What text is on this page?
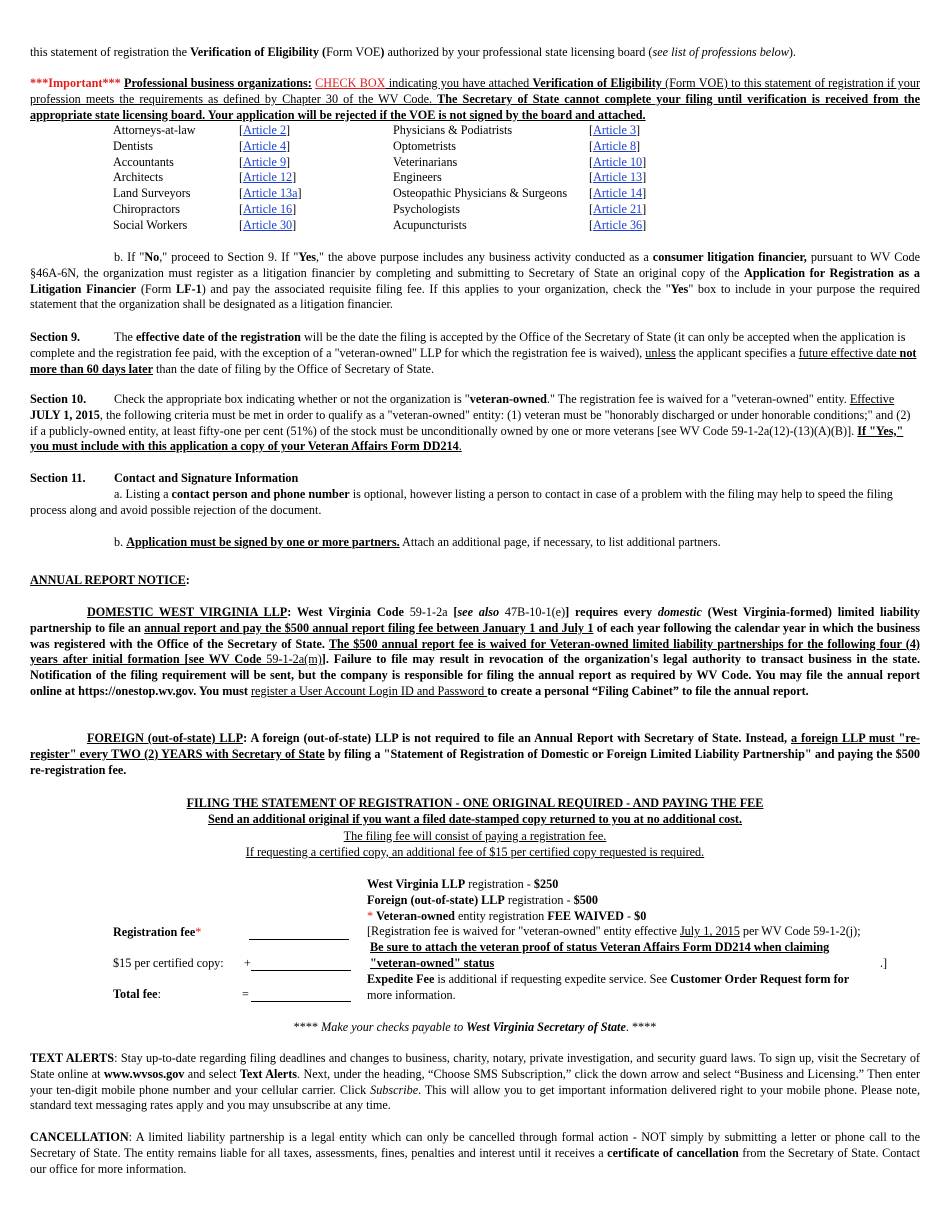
this statement of registration the Verification of Eligibility (Form VOE) authorized by your professional state licensing board (see list of professions below).

***Important*** Professional business organizations: CHECK BOX indicating you have attached Verification of Eligibility (Form VOE) to this statement of registration if your profession meets the requirements as defined by Chapter 30 of the WV Code. The Secretary of State cannot complete your filing until verification is received from the appropriate state licensing board. Your application will be rejected if the VOE is not signed by the board and attached.

Attorneys-at-law	[Article 2]	Physicians & Podiatrists	[Article 3]
Dentists	[Article 4]	Optometrists	[Article 8]
Accountants	[Article 9]	Veterinarians	[Article 10]
Architects	[Article 12]	Engineers	[Article 13]
Land Surveyors	[Article 13a]	Osteopathic Physicians & Surgeons	[Article 14]
Chiropractors	[Article 16]	Psychologists	[Article 21]
Social Workers	[Article 30]	Acupuncturists	[Article 36]

b. If "No," proceed to Section 9. If "Yes," the above purpose includes any business activity conducted as a consumer litigation financier, pursuant to WV Code §46A-6N, the organization must register as a litigation financier by completing and submitting to Secretary of State an original copy of the Application for Registration as a Litigation Financier (Form LF-1) and pay the associated requisite filing fee. If this applies to your organization, check the "Yes" box to include in your purpose the required statement that the organization shall be designated as a litigation financier.

Section 9.	The effective date of the registration will be the date the filing is accepted by the Office of the Secretary of State (it can only be accepted when the application is complete and the registration fee paid, with the exception of a "veteran-owned" LLP for which the registration fee is waived), unless the applicant specifies a future effective date not more than 60 days later than the date of filing by the Office of Secretary of State.

Section 10. Check the appropriate box indicating whether or not the organization is "veteran-owned." The registration fee is waived for a "veteran-owned" entity. Effective JULY 1, 2015, the following criteria must be met in order to qualify as a "veteran-owned" entity: (1) veteran must be "honorably discharged or under honorable conditions;" and (2) if a publicly-owned entity, at least fifty-one per cent (51%) of the stock must be unconditionally owned by one or more veterans [see WV Code 59-1-2a(12)-(13)(A)(B)]. If "Yes," you must include with this application a copy of your Veteran Affairs Form DD214.

Section 11. Contact and Signature Information

a. Listing a contact person and phone number is optional, however listing a person to contact in case of a problem with the filing may help to speed the filing process along and avoid possible rejection of the document.

b. Application must be signed by one or more partners. Attach an additional page, if necessary, to list additional partners.

ANNUAL REPORT NOTICE:

DOMESTIC WEST VIRGINIA LLP: West Virginia Code 59-1-2a [see also 47B-10-1(e)] requires every domestic (West Virginia-formed) limited liability partnership to file an annual report and pay the $500 annual report filing fee between January 1 and July 1 of each year following the calendar year in which the business was registered with the Office of the Secretary of State. The $500 annual report fee is waived for Veteran-owned limited liability partnerships for the following four (4) years after initial formation [see WV Code 59-1-2a(m)]. Failure to file may result in revocation of the organization's legal authority to transact business in the state. Notification of the filing requirement will be sent, but the company is responsible for filing the annual report as required by WV Code. You may file the annual report online at https://onestop.wv.gov. You must register a User Account Login ID and Password to create a personal “Filing Cabinet” to file the annual report.

FOREIGN (out-of-state) LLP: A foreign (out-of-state) LLP is not required to file an Annual Report with Secretary of State. Instead, a foreign LLP must "re-register" every TWO (2) YEARS with Secretary of State by filing a "Statement of Registration of Domestic or Foreign Limited Liability Partnership" and paying the $500 re-registration fee.

FILING THE STATEMENT OF REGISTRATION - ONE ORIGINAL REQUIRED - AND PAYING THE FEE

Send an additional original if you want a filed date-stamped copy returned to you at no additional cost.

The filing fee will consist of paying a registration fee.

If requesting a certified copy, an additional fee of $15 per certified copy requested is required.

West Virginia LLP registration - $250
Foreign (out-of-state) LLP registration - $500
* Veteran-owned entity registration FEE WAIVED - $0
[Registration fee is waived for "veteran-owned" entity effective July 1, 2015 per WV Code 59-1-2(j);
Be sure to attach the veteran proof of status Veteran Affairs Form DD214 when claiming "veteran-owned" status	.]
Expedite Fee is additional if requesting expedite service. See Customer Order Request form for
more information.
Registration fee*
$15 per certified copy: +
Total fee:	=

**** Make your checks payable to West Virginia Secretary of State. ****

TEXT ALERTS: Stay up-to-date regarding filing deadlines and changes to business, charity, notary, private investigation, and security guard laws. To sign up, visit the Secretary of State online at www.wvsos.gov and select Text Alerts. Next, under the heading, “Choose SMS Subscription,” click the down arrow and select “Business and Licensing.” Then enter your ten-digit mobile phone number and your cellular carrier. Click Subscribe. This will allow you to get important information delivered right to your mobile phone. Please note, standard text messaging rates apply and you may unsubscribe at any time.

CANCELLATION: A limited liability partnership is a legal entity which can only be cancelled through formal action - NOT simply by submitting a letter or phone call to the Secretary of State. The entity remains liable for all taxes, assessments, fines, penalties and interest until it receives a certificate of cancellation from the Secretary of State. Contact our office for more information.
